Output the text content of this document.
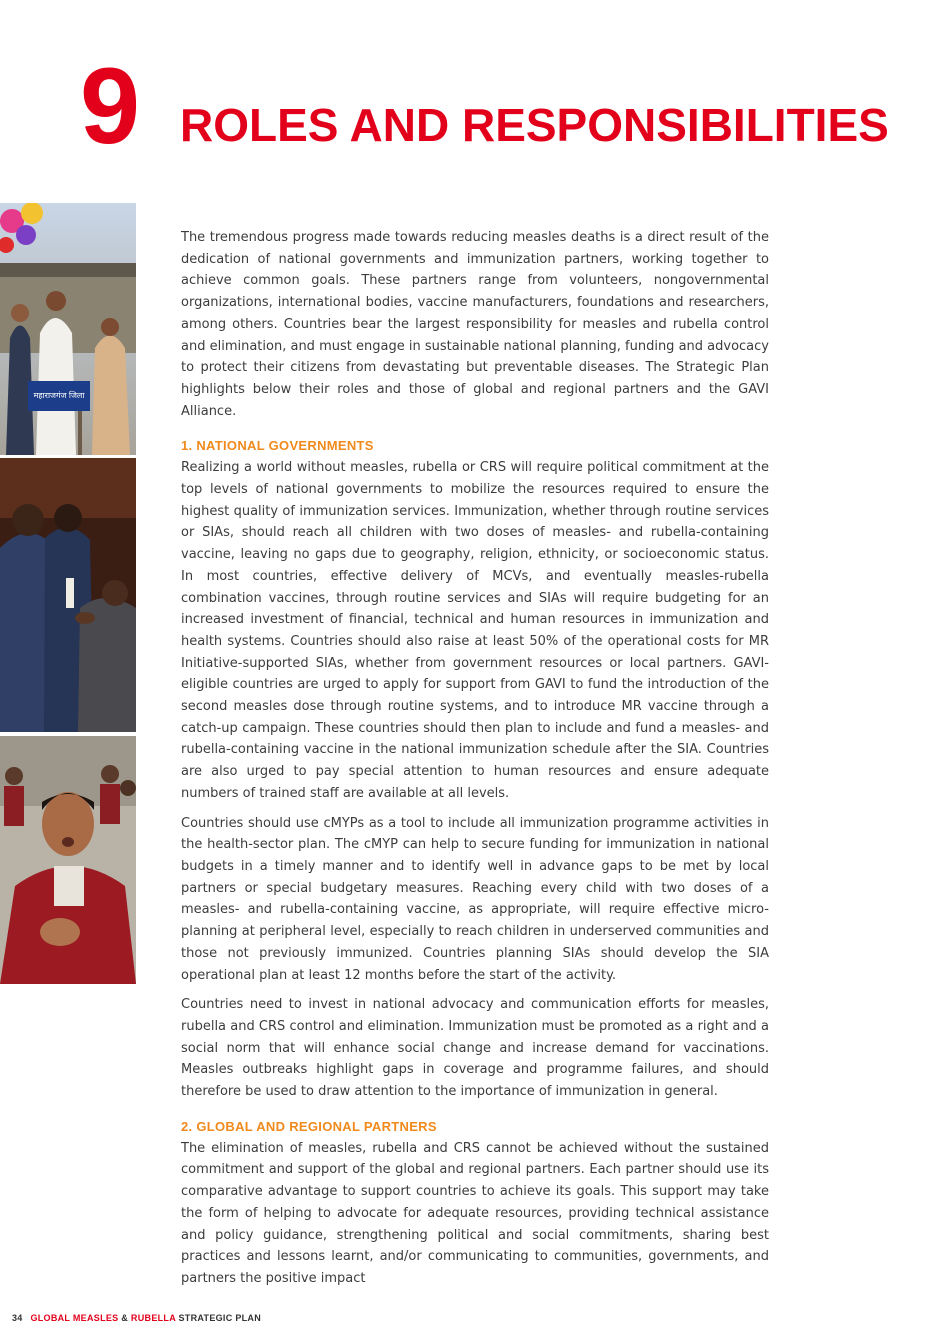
9 ROLES AND RESPONSIBILITIES
महाराजगंज जिला

The tremendous progress made towards reducing measles deaths is a direct result of the dedication of national governments and immunization partners, working together to achieve common goals. These partners range from volunteers, nongovernmental organizations, international bodies, vaccine manufacturers, foundations and researchers, among others. Countries bear the largest responsibility for measles and rubella control and elimination, and must engage in sustainable national planning, funding and advocacy to protect their citizens from devastating but preventable diseases. The Strategic Plan highlights below their roles and those of global and regional partners and the GAVI Alliance.

1. NATIONAL GOVERNMENTS

Realizing a world without measles, rubella or CRS will require political commitment at the top levels of national governments to mobilize the resources required to ensure the highest quality of immunization services. Immunization, whether through routine services or SIAs, should reach all children with two doses of measles- and rubella-containing vaccine, leaving no gaps due to geography, religion, ethnicity, or socioeconomic status. In most countries, effective delivery of MCVs, and eventually measles-rubella combination vaccines, through routine services and SIAs will require budgeting for an increased investment of financial, technical and human resources in immunization and health systems. Countries should also raise at least 50% of the operational costs for MR Initiative-supported SIAs, whether from government resources or local partners. GAVI-eligible countries are urged to apply for support from GAVI to fund the introduction of the second measles dose through routine systems, and to introduce MR vaccine through a catch-up campaign. These countries should then plan to include and fund a measles- and rubella-containing vaccine in the national immunization schedule after the SIA. Countries are also urged to pay special attention to human resources and ensure adequate numbers of trained staff are available at all levels.

Countries should use cMYPs as a tool to include all immunization programme activities in the health-sector plan. The cMYP can help to secure funding for immunization in national budgets in a timely manner and to identify well in advance gaps to be met by local partners or special budgetary measures. Reaching every child with two doses of a measles- and rubella-containing vaccine, as appropriate, will require effective micro-planning at peripheral level, especially to reach children in underserved communities and those not previously immunized. Countries planning SIAs should develop the SIA operational plan at least 12 months before the start of the activity.

Countries need to invest in national advocacy and communication efforts for measles, rubella and CRS control and elimination. Immunization must be promoted as a right and a social norm that will enhance social change and increase demand for vaccinations. Measles outbreaks highlight gaps in coverage and programme failures, and should therefore be used to draw attention to the importance of immunization in general.

2. GLOBAL AND REGIONAL PARTNERS

The elimination of measles, rubella and CRS cannot be achieved without the sustained commitment and support of the global and regional partners. Each partner should use its comparative advantage to support countries to achieve its goals. This support may take the form of helping to advocate for adequate resources, providing technical assistance and policy guidance, strengthening political and social commitments, sharing best practices and lessons learnt, and/or communicating to communities, governments, and partners the positive impact

34 GLOBAL MEASLES & RUBELLA STRATEGIC PLAN
